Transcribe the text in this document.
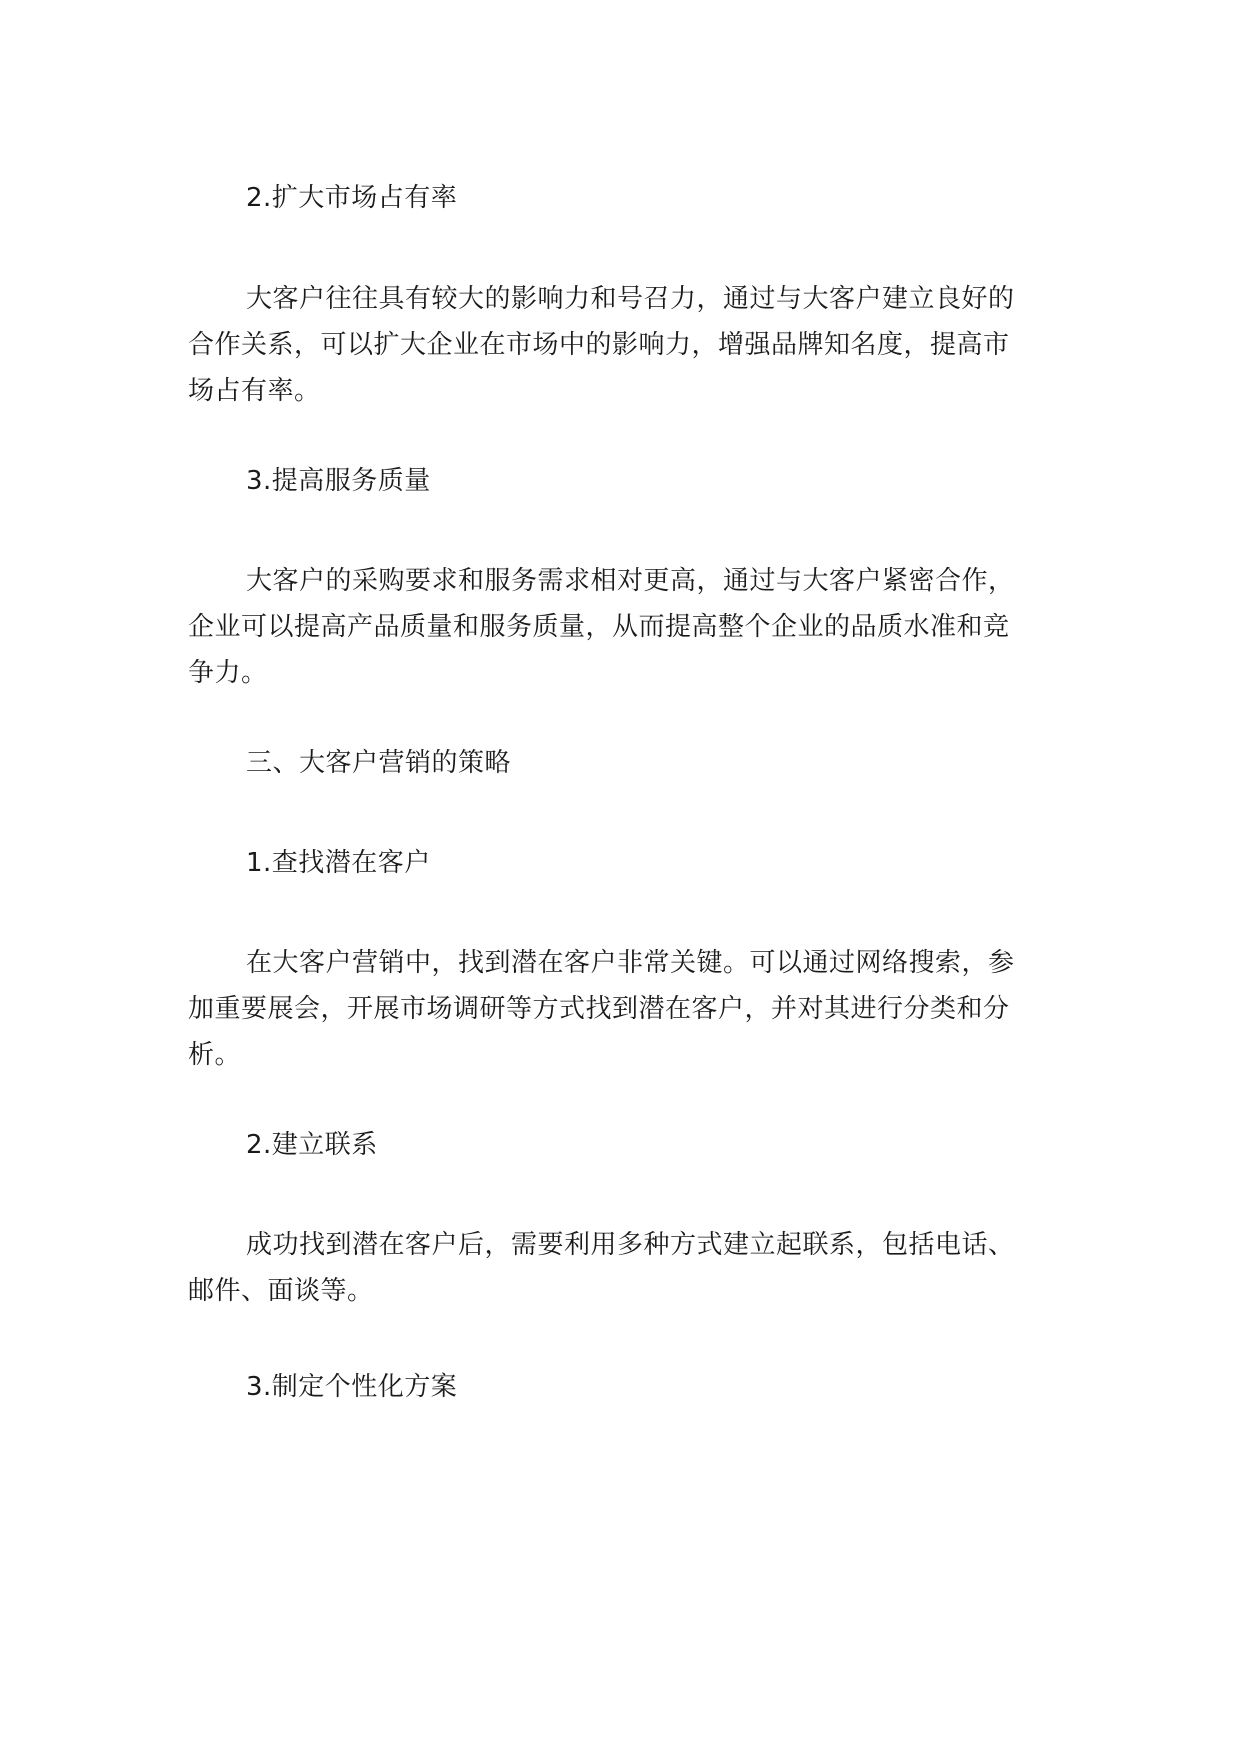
2.扩大市场占有率

大客户往往具有较大的影响力和号召力，通过与大客户建立良好的
合作关系，可以扩大企业在市场中的影响力，增强品牌知名度，提高市
场占有率。

3.提高服务质量

大客户的采购要求和服务需求相对更高，通过与大客户紧密合作，
企业可以提高产品质量和服务质量，从而提高整个企业的品质水准和竞
争力。

三、大客户营销的策略

1.查找潜在客户

在大客户营销中，找到潜在客户非常关键。可以通过网络搜索，参
加重要展会，开展市场调研等方式找到潜在客户，并对其进行分类和分
析。

2.建立联系

成功找到潜在客户后，需要利用多种方式建立起联系，包括电话、
邮件、面谈等。

3.制定个性化方案
